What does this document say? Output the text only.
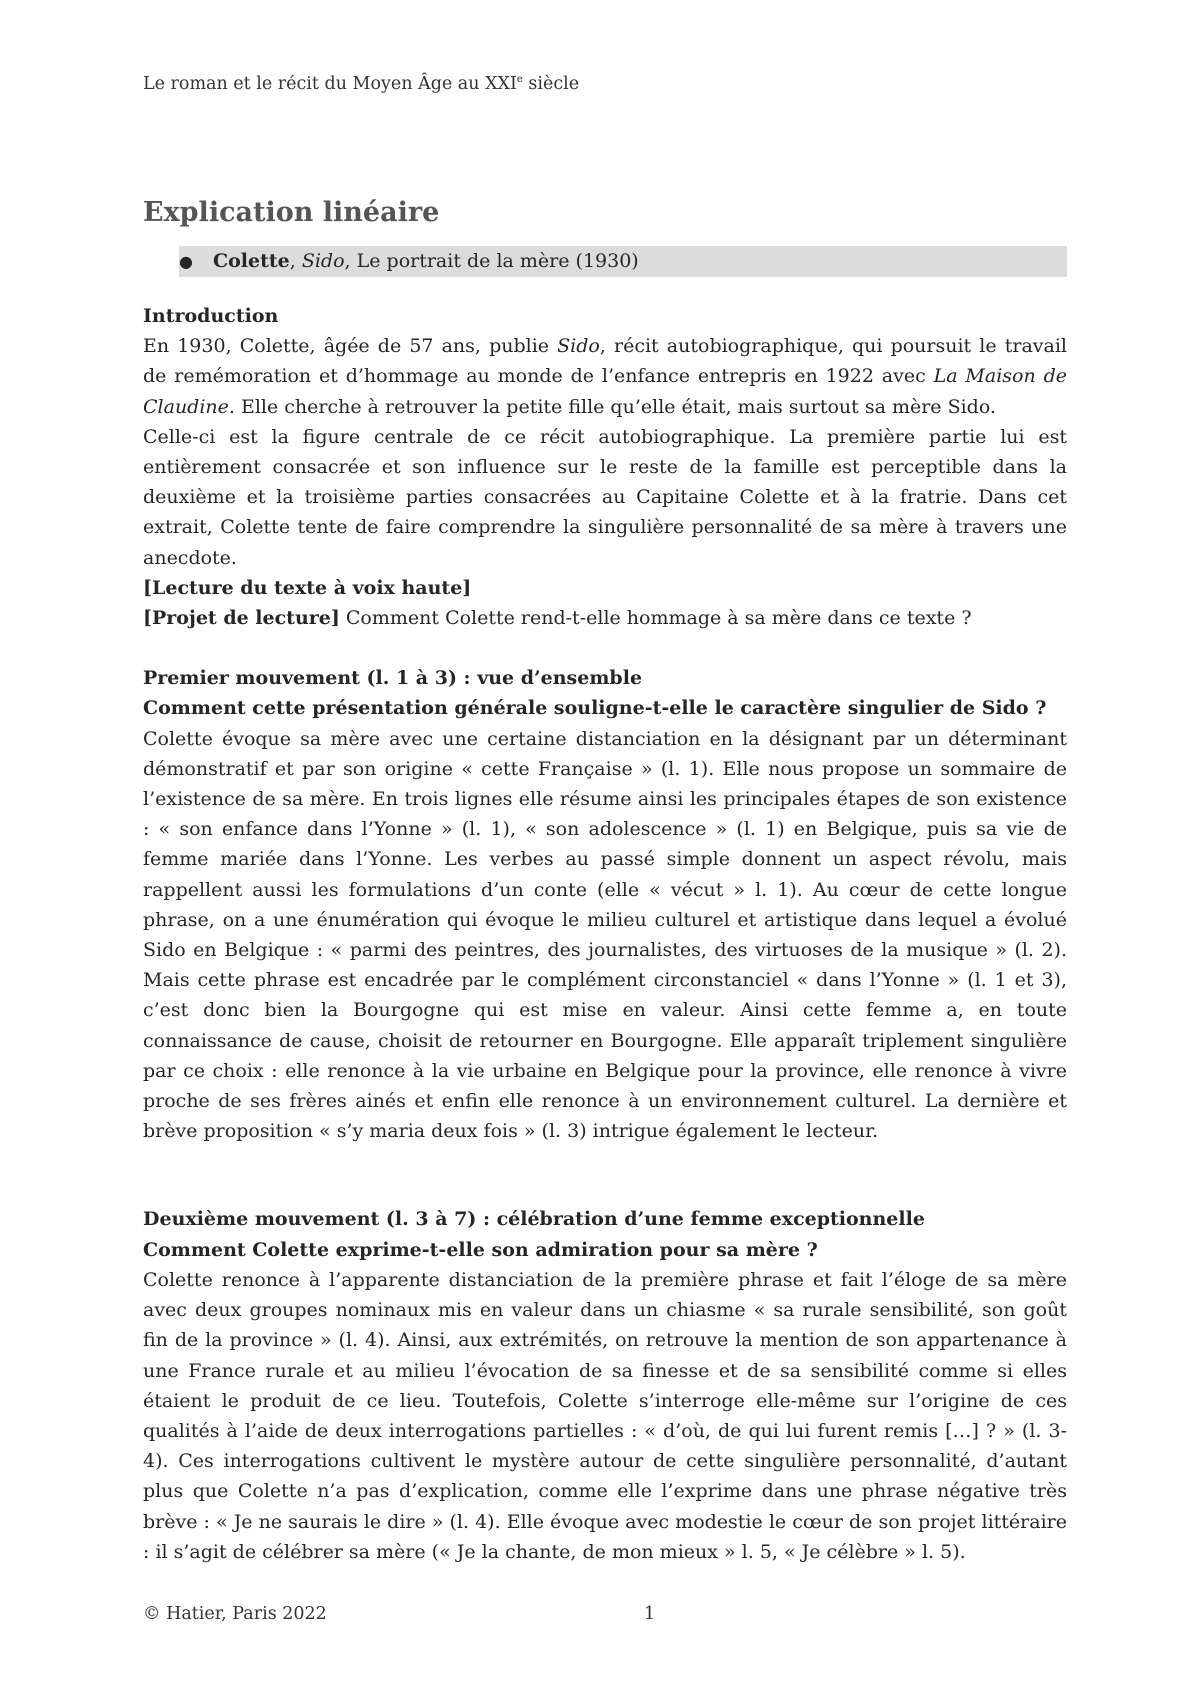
Le roman et le récit du Moyen Âge au XXIe siècle
Explication linéaire
● Colette, Sido, Le portrait de la mère (1930)
Introduction

En 1930, Colette, âgée de 57 ans, publie Sido, récit autobiographique, qui poursuit le travail de remémoration et d’hommage au monde de l’enfance entrepris en 1922 avec La Maison de Claudine. Elle cherche à retrouver la petite fille qu’elle était, mais surtout sa mère Sido.

Celle-ci est la figure centrale de ce récit autobiographique. La première partie lui est entièrement consacrée et son influence sur le reste de la famille est perceptible dans la deuxième et la troisième parties consacrées au Capitaine Colette et à la fratrie. Dans cet extrait, Colette tente de faire comprendre la singulière personnalité de sa mère à travers une anecdote.

[Lecture du texte à voix haute]
[Projet de lecture] Comment Colette rend-t-elle hommage à sa mère dans ce texte ?
Premier mouvement (l. 1 à 3) : vue d’ensemble
Comment cette présentation générale souligne-t-elle le caractère singulier de Sido ?

Colette évoque sa mère avec une certaine distanciation en la désignant par un déterminant démonstratif et par son origine « cette Française » (l. 1). Elle nous propose un sommaire de l’existence de sa mère. En trois lignes elle résume ainsi les principales étapes de son existence : « son enfance dans l’Yonne » (l. 1), « son adolescence » (l. 1) en Belgique, puis sa vie de femme mariée dans l’Yonne. Les verbes au passé simple donnent un aspect révolu, mais rappellent aussi les formulations d’un conte (elle « vécut » l. 1). Au cœur de cette longue phrase, on a une énumération qui évoque le milieu culturel et artistique dans lequel a évolué Sido en Belgique : « parmi des peintres, des journalistes, des virtuoses de la musique » (l. 2). Mais cette phrase est encadrée par le complément circonstanciel « dans l’Yonne » (l. 1 et 3), c’est donc bien la Bourgogne qui est mise en valeur. Ainsi cette femme a, en toute connaissance de cause, choisit de retourner en Bourgogne. Elle apparaît triplement singulière par ce choix : elle renonce à la vie urbaine en Belgique pour la province, elle renonce à vivre proche de ses frères ainés et enfin elle renonce à un environnement culturel. La dernière et brève proposition « s’y maria deux fois » (l. 3) intrigue également le lecteur.

Deuxième mouvement (l. 3 à 7) : célébration d’une femme exceptionnelle
Comment Colette exprime-t-elle son admiration pour sa mère ?

Colette renonce à l’apparente distanciation de la première phrase et fait l’éloge de sa mère avec deux groupes nominaux mis en valeur dans un chiasme « sa rurale sensibilité, son goût fin de la province » (l. 4). Ainsi, aux extrémités, on retrouve la mention de son appartenance à une France rurale et au milieu l’évocation de sa finesse et de sa sensibilité comme si elles étaient le produit de ce lieu. Toutefois, Colette s’interroge elle-même sur l’origine de ces qualités à l’aide de deux interrogations partielles : « d’où, de qui lui furent remis […] ? » (l. 3-4). Ces interrogations cultivent le mystère autour de cette singulière personnalité, d’autant plus que Colette n’a pas d’explication, comme elle l’exprime dans une phrase négative très brève : « Je ne saurais le dire » (l. 4). Elle évoque avec modestie le cœur de son projet littéraire : il s’agit de célébrer sa mère (« Je la chante, de mon mieux » l. 5, « Je célèbre » l. 5).

© Hatier, Paris 2022	1
